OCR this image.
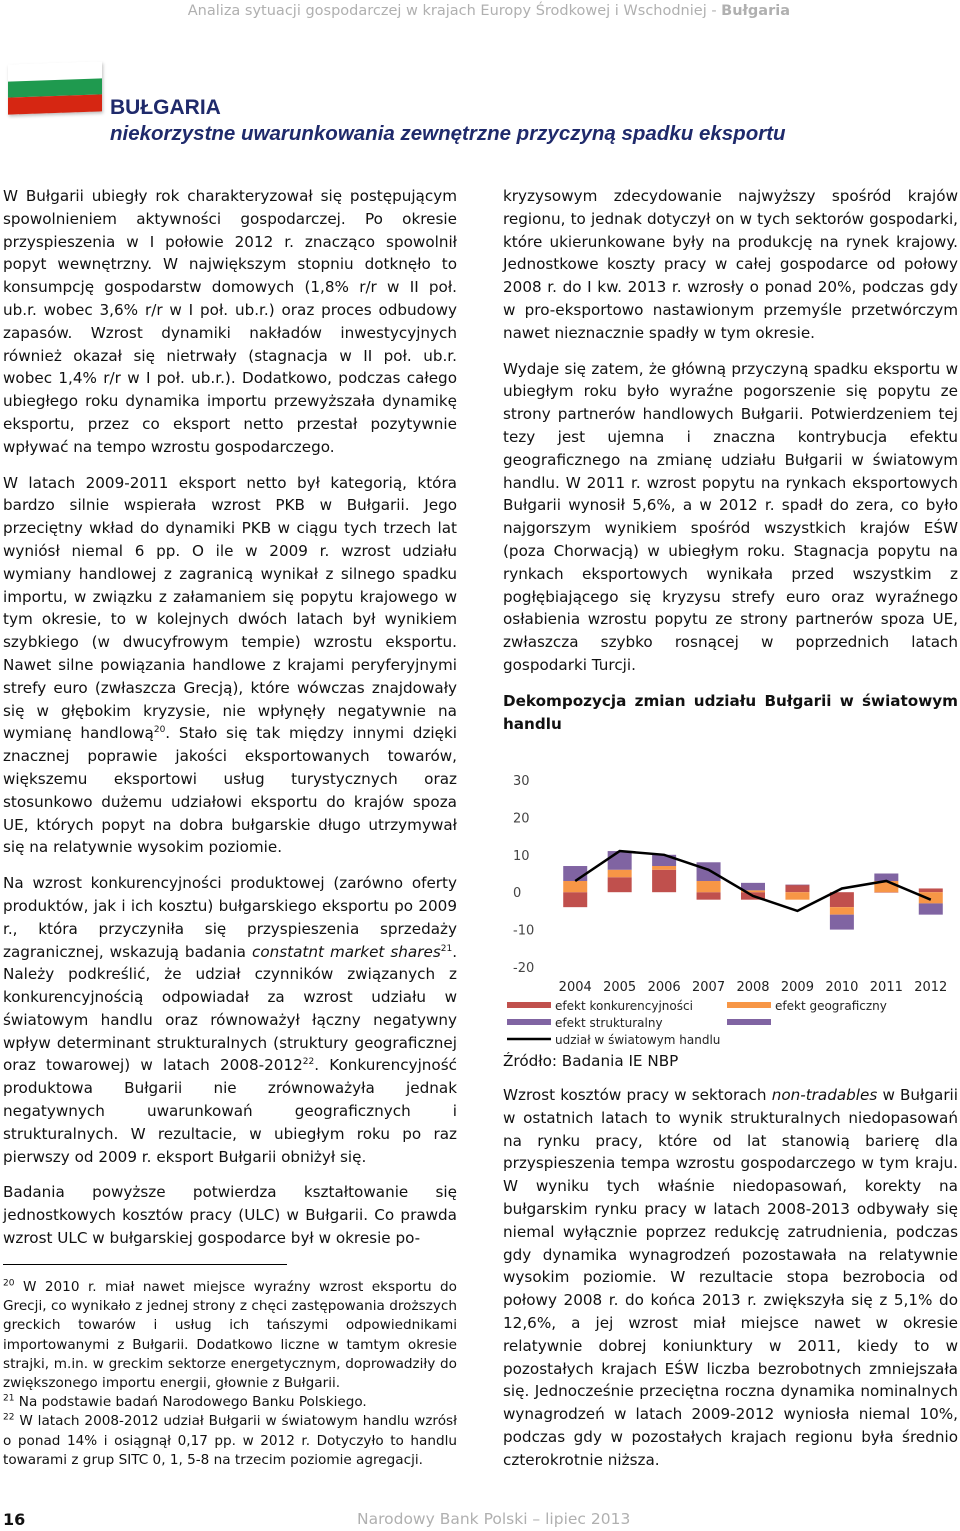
Analiza sytuacji gospodarczej w krajach Europy Środkowej i Wschodniej - Bułgaria
BUŁGARIA
niekorzystne uwarunkowania zewnętrzne przyczyną spadku eksportu

W Bułgarii ubiegły rok charakteryzował się postępującym spowolnieniem aktywności gospodarczej. Po okresie przyspieszenia w I połowie 2012 r. znacząco spowolnił popyt wewnętrzny. W największym stopniu dotknęło to konsumpcję gospodarstw domowych (1,8% r/r w II poł. ub.r. wobec 3,6% r/r w I poł. ub.r.) oraz proces odbudowy zapasów. Wzrost dynamiki nakładów inwestycyjnych również okazał się nietrwały (stagnacja w II poł. ub.r. wobec 1,4% r/r w I poł. ub.r.). Dodatkowo, podczas całego ubiegłego roku dynamika importu przewyższała dynamikę eksportu, przez co eksport netto przestał pozytywnie wpływać na tempo wzrostu gospodarczego.

W latach 2009-2011 eksport netto był kategorią, która bardzo silnie wspierała wzrost PKB w Bułgarii. Jego przeciętny wkład do dynamiki PKB w ciągu tych trzech lat wyniósł niemal 6 pp. O ile w 2009 r. wzrost udziału wymiany handlowej z zagranicą wynikał z silnego spadku importu, w związku z załamaniem się popytu krajowego w tym okresie, to w kolejnych dwóch latach był wynikiem szybkiego (w dwucyfrowym tempie) wzrostu eksportu. Nawet silne powiązania handlowe z krajami peryferyjnymi strefy euro (zwłaszcza Grecją), które wówczas znajdowały się w głębokim kryzysie, nie wpłynęły negatywnie na wymianę handlową$^{20}$. Stało się tak między innymi dzięki znacznej poprawie jakości eksportowanych towarów, większemu eksportowi usług turystycznych oraz stosunkowo dużemu udziałowi eksportu do krajów spoza UE, których popyt na dobra bułgarskie długo utrzymywał się na relatywnie wysokim poziomie.

Na wzrost konkurencyjności produktowej (zarówno oferty produktów, jak i ich kosztu) bułgarskiego eksportu po 2009 r., która przyczyniła się przyspieszenia sprzedaży zagranicznej, wskazują badania constatnt market shares$^{21}$. Należy podkreślić, że udział czynników związanych z konkurencyjnością odpowiadał za wzrost udziału w światowym handlu oraz równoważył łączny negatywny wpływ determinant strukturalnych (struktury geograficznej oraz towarowej) w latach 2008-2012$^{22}$. Konkurencyjność produktowa Bułgarii nie zrównoważyła jednak negatywnych uwarunkowań geograficznych i strukturalnych. W rezultacie, w ubiegłym roku po raz pierwszy od 2009 r. eksport Bułgarii obniżył się.

Badania powyższe potwierdza kształtowanie się jednostkowych kosztów pracy (ULC) w Bułgarii. Co prawda wzrost ULC w bułgarskiej gospodarce był w okresie po-

$^{20}$ W 2010 r. miał nawet miejsce wyraźny wzrost eksportu do Grecji, co wynikało z jednej strony z chęci zastępowania droższych greckich towarów i usług ich tańszymi odpowiednikami importowanymi z Bułgarii. Dodatkowo liczne w tamtym okresie strajki, m.in. w greckim sektorze energetycznym, doprowadziły do zwiększonego importu energii, głownie z Bułgarii.

$^{21}$ Na podstawie badań Narodowego Banku Polskiego.

$^{22}$ W latach 2008-2012 udział Bułgarii w światowym handlu wzrósł o ponad 14% i osiągnął 0,17 pp. w 2012 r. Dotyczyło to handlu towarami z grup SITC 0, 1, 5-8 na trzecim poziomie agregacji.

kryzysowym zdecydowanie najwyższy spośród krajów regionu, to jednak dotyczył on w tych sektorów gospodarki, które ukierunkowane były na produkcję na rynek krajowy. Jednostkowe koszty pracy w całej gospodarce od połowy 2008 r. do I kw. 2013 r. wzrosły o ponad 20%, podczas gdy w pro-eksportowo nastawionym przemyśle przetwórczym nawet nieznacznie spadły w tym okresie.

Wydaje się zatem, że główną przyczyną spadku eksportu w ubiegłym roku było wyraźne pogorszenie się popytu ze strony partnerów handlowych Bułgarii. Potwierdzeniem tej tezy jest ujemna i znaczna kontrybucja efektu geograficznego na zmianę udziału Bułgarii w światowym handlu. W 2011 r. wzrost popytu na rynkach eksportowych Bułgarii wynosił 5,6%, a w 2012 r. spadł do zera, co było najgorszym wynikiem spośród wszystkich krajów EŚW (poza Chorwacją) w ubiegłym roku. Stagnacja popytu na rynkach eksportowych wynikała przed wszystkim z pogłębiającego się kryzysu strefy euro oraz wyraźnego osłabienia wzrostu popytu ze strony partnerów spoza UE, zwłaszcza szybko rosnącej w poprzednich latach gospodarki Turcji.

Dekompozycja zmian udziału Bułgarii w światowym handlu
30
20
10
0
-10
-20
2004 2005 2006 2007 2008 2009 2010 2011 2012
efekt konkurencyjności
efekt strukturalny
udział w światowym handlu
efekt geograficzny
Źródło: Badania IE NBP

Wzrost kosztów pracy w sektorach non-tradables w Bułgarii w ostatnich latach to wynik strukturalnych niedopasowań na rynku pracy, które od lat stanowią barierę dla przyspieszenia tempa wzrostu gospodarczego w tym kraju. W wyniku tych właśnie niedopasowań, korekty na bułgarskim rynku pracy w latach 2008-2013 odbywały się niemal wyłącznie poprzez redukcję zatrudnienia, podczas gdy dynamika wynagrodzeń pozostawała na relatywnie wysokim poziomie. W rezultacie stopa bezrobocia od połowy 2008 r. do końca 2013 r. zwiększyła się z 5,1% do 12,6%, a jej wzrost miał miejsce nawet w okresie relatywnie dobrej koniunktury w 2011, kiedy to w pozostałych krajach EŚW liczba bezrobotnych zmniejszała się. Jednocześnie przeciętna roczna dynamika nominalnych wynagrodzeń w latach 2009-2012 wyniosła niemal 10%, podczas gdy w pozostałych krajach regionu była średnio czterokrotnie niższa.

16	Narodowy Bank Polski – lipiec 2013
